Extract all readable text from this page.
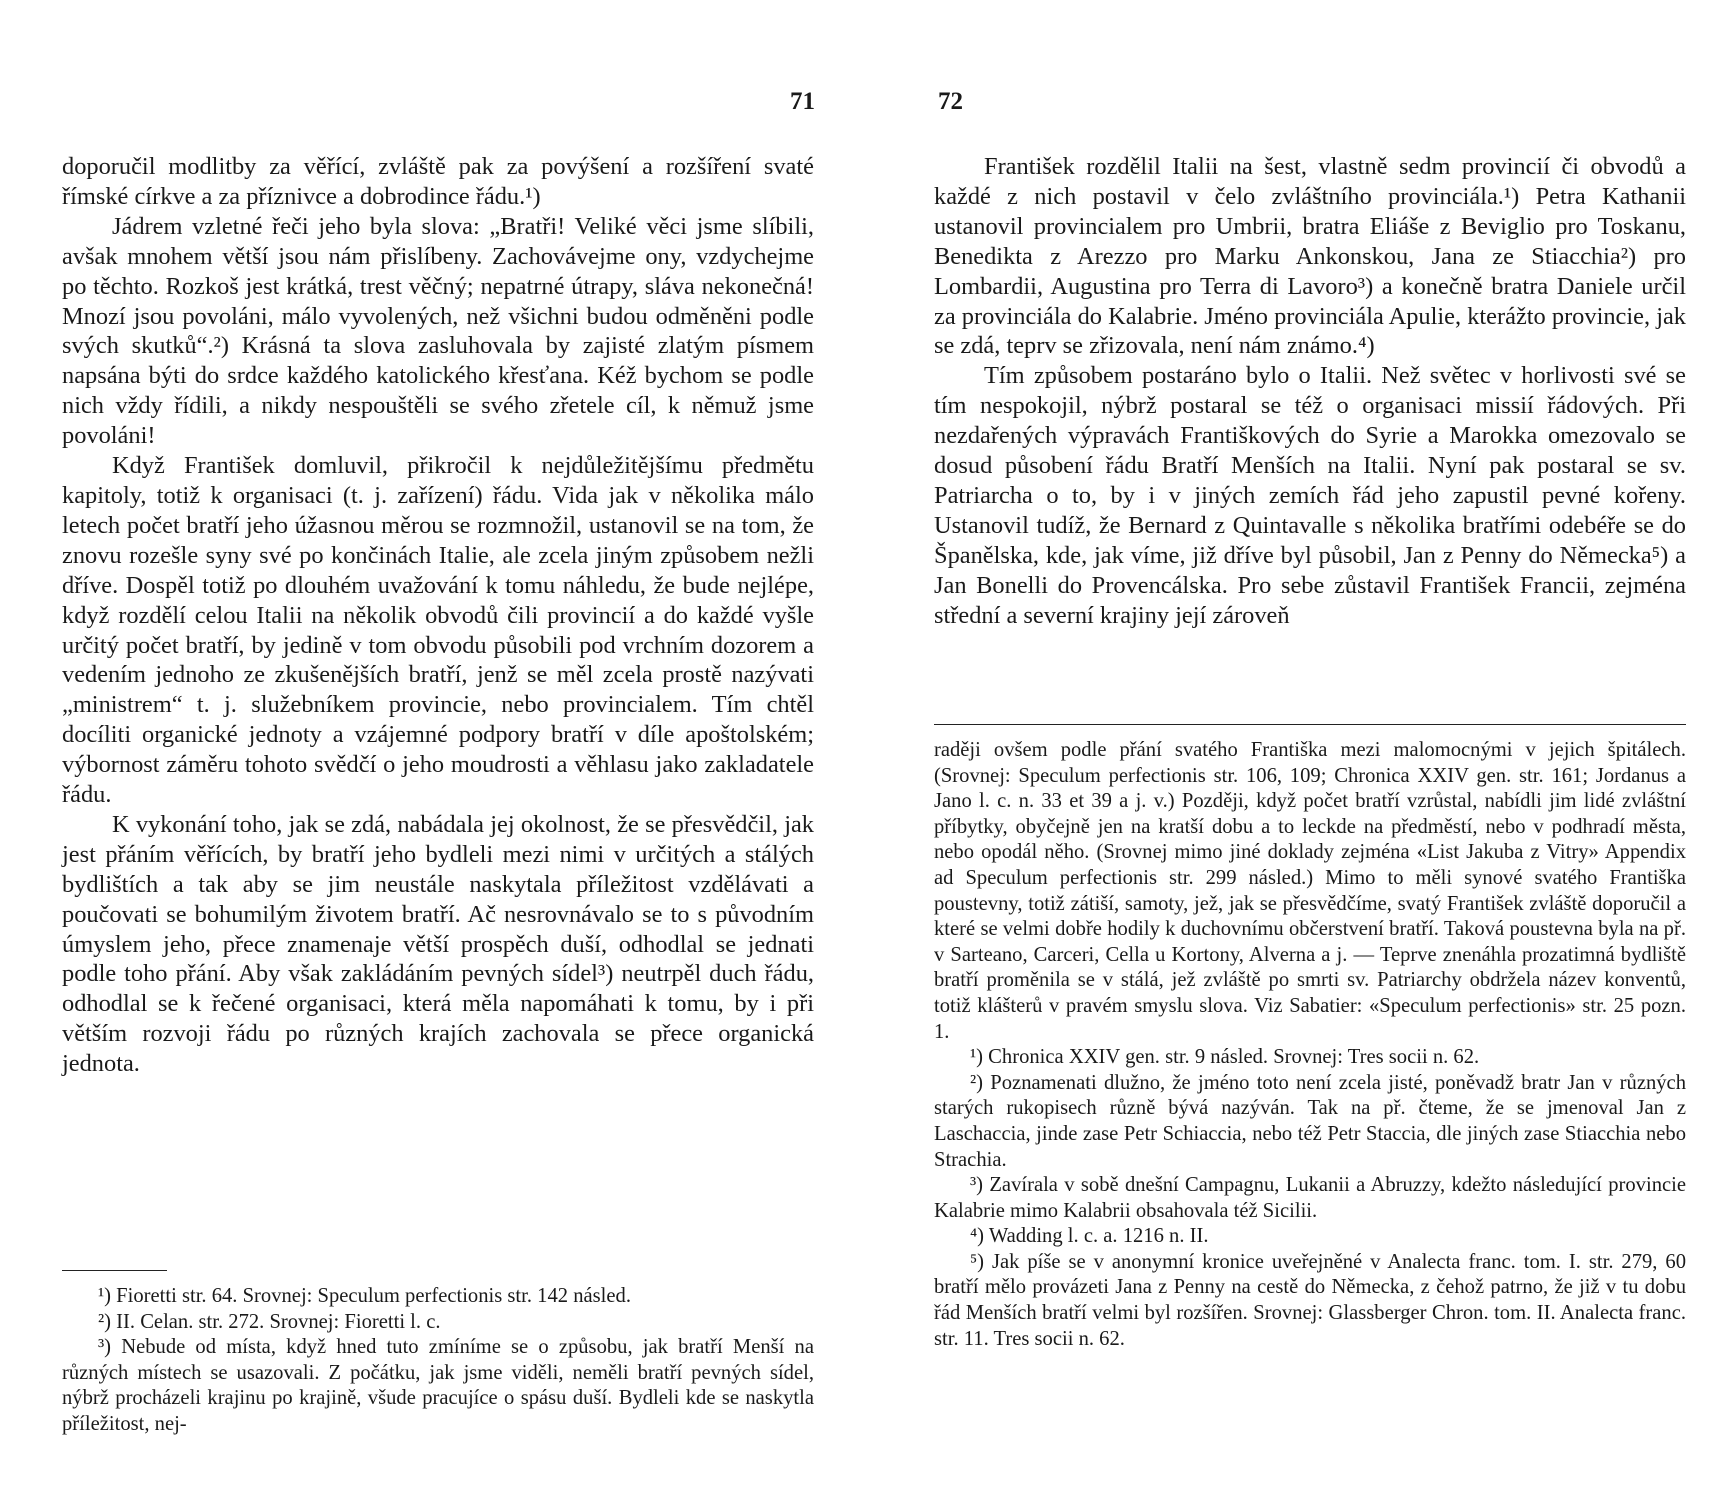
71

doporučil modlitby za věřící, zvláště pak za povýšení a rozšíření svaté římské církve a za příznivce a dobrodince řádu.¹)

Jádrem vzletné řeči jeho byla slova: „Bratři! Veliké věci jsme slíbili, avšak mnohem větší jsou nám přislíbeny. Zachovávejme ony, vzdychejme po těchto. Rozkoš jest krátká, trest věčný; nepatrné útrapy, sláva nekonečná! Mnozí jsou povoláni, málo vyvolených, než všichni budou odměněni podle svých skutků“.²) Krásná ta slova zasluhovala by zajisté zlatým písmem napsána býti do srdce každého katolického křesťana. Kéž bychom se podle nich vždy řídili, a nikdy nespouštěli se svého zřetele cíl, k němuž jsme povoláni!

Když František domluvil, přikročil k nejdůležitějšímu předmětu kapitoly, totiž k organisaci (t. j. zařízení) řádu. Vida jak v několika málo letech počet bratří jeho úžasnou měrou se rozmnožil, ustanovil se na tom, že znovu rozešle syny své po končinách Italie, ale zcela jiným způsobem nežli dříve. Dospěl totiž po dlouhém uvažování k tomu náhledu, že bude nejlépe, když rozdělí celou Italii na několik obvodů čili provincií a do každé vyšle určitý počet bratří, by jedině v tom obvodu působili pod vrchním dozorem a vedením jednoho ze zkušenějších bratří, jenž se měl zcela prostě nazývati „ministrem“ t. j. služebníkem provincie, nebo provincialem. Tím chtěl docíliti organické jednoty a vzájemné podpory bratří v díle apoštolském; výbornost záměru tohoto svědčí o jeho moudrosti a věhlasu jako zakladatele řádu.

K vykonání toho, jak se zdá, nabádala jej okolnost, že se přesvědčil, jak jest přáním věřících, by bratří jeho bydleli mezi nimi v určitých a stálých bydlištích a tak aby se jim neustále naskytala příležitost vzdělávati a poučovati se bohumilým životem bratří. Ač nesrovnávalo se to s původním úmyslem jeho, přece znamenaje větší prospěch duší, odhodlal se jednati podle toho přání. Aby však zakládáním pevných sídel³) neutrpěl duch řádu, odhodlal se k řečené organisaci, která měla napomáhati k tomu, by i při větším rozvoji řádu po různých krajích zachovala se přece organická jednota.

¹) Fioretti str. 64. Srovnej: Speculum perfectionis str. 142 násled.

²) II. Celan. str. 272. Srovnej: Fioretti l. c.

³) Nebude od místa, když hned tuto zmíníme se o způsobu, jak bratří Menší na různých místech se usazovali. Z počátku, jak jsme viděli, neměli bratří pevných sídel, nýbrž procházeli krajinu po krajině, všude pracujíce o spásu duší. Bydleli kde se naskytla příležitost, nej-

72

František rozdělil Italii na šest, vlastně sedm provincií či obvodů a každé z nich postavil v čelo zvláštního provinciála.¹) Petra Kathanii ustanovil provincialem pro Umbrii, bratra Eliáše z Beviglio pro Toskanu, Benedikta z Arezzo pro Marku Ankonskou, Jana ze Stiacchia²) pro Lombardii, Augustina pro Terra di Lavoro³) a konečně bratra Daniele určil za provinciála do Kalabrie. Jméno provinciála Apulie, kterážto provincie, jak se zdá, teprv se zřizovala, není nám známo.⁴)

Tím způsobem postaráno bylo o Italii. Než světec v horlivosti své se tím nespokojil, nýbrž postaral se též o organisaci missií řádových. Při nezdařených výpravách Františkových do Syrie a Marokka omezovalo se dosud působení řádu Bratří Menších na Italii. Nyní pak postaral se sv. Patriarcha o to, by i v jiných zemích řád jeho zapustil pevné kořeny. Ustanovil tudíž, že Bernard z Quintavalle s několika bratřími odebéře se do Španělska, kde, jak víme, již dříve byl působil, Jan z Penny do Německa⁵) a Jan Bonelli do Provencálska. Pro sebe zůstavil František Francii, zejména střední a severní krajiny její zároveň

raději ovšem podle přání svatého Františka mezi malomocnými v jejich špitálech. (Srovnej: Speculum perfectionis str. 106, 109; Chronica XXIV gen. str. 161; Jordanus a Jano l. c. n. 33 et 39 a j. v.) Později, když počet bratří vzrůstal, nabídli jim lidé zvláštní příbytky, obyčejně jen na kratší dobu a to leckde na předměstí, nebo v podhradí města, nebo opodál něho. (Srovnej mimo jiné doklady zejména «List Jakuba z Vitry» Appendix ad Speculum perfectionis str. 299 násled.) Mimo to měli synové svatého Františka poustevny, totiž zátiší, samoty, jež, jak se přesvědčíme, svatý František zvláště doporučil a které se velmi dobře hodily k duchovnímu občerstvení bratří. Taková poustevna byla na př. v Sarteano, Carceri, Cella u Kortony, Alverna a j. — Teprve znenáhla prozatimná bydliště bratří proměnila se v stálá, jež zvláště po smrti sv. Patriarchy obdržela název konventů, totiž klášterů v pravém smyslu slova. Viz Sabatier: «Speculum perfectionis» str. 25 pozn. 1.

¹) Chronica XXIV gen. str. 9 násled. Srovnej: Tres socii n. 62.

²) Poznamenati dlužno, že jméno toto není zcela jisté, poněvadž bratr Jan v různých starých rukopisech různě bývá nazýván. Tak na př. čteme, že se jmenoval Jan z Laschaccia, jinde zase Petr Schiaccia, nebo též Petr Staccia, dle jiných zase Stiacchia nebo Strachia.

³) Zavírala v sobě dnešní Campagnu, Lukanii a Abruzzy, kdežto následující provincie Kalabrie mimo Kalabrii obsahovala též Sicilii.

⁴) Wadding l. c. a. 1216 n. II.

⁵) Jak píše se v anonymní kronice uveřejněné v Analecta franc. tom. I. str. 279, 60 bratří mělo provázeti Jana z Penny na cestě do Německa, z čehož patrno, že již v tu dobu řád Menších bratří velmi byl rozšířen. Srovnej: Glassberger Chron. tom. II. Analecta franc. str. 11. Tres socii n. 62.
